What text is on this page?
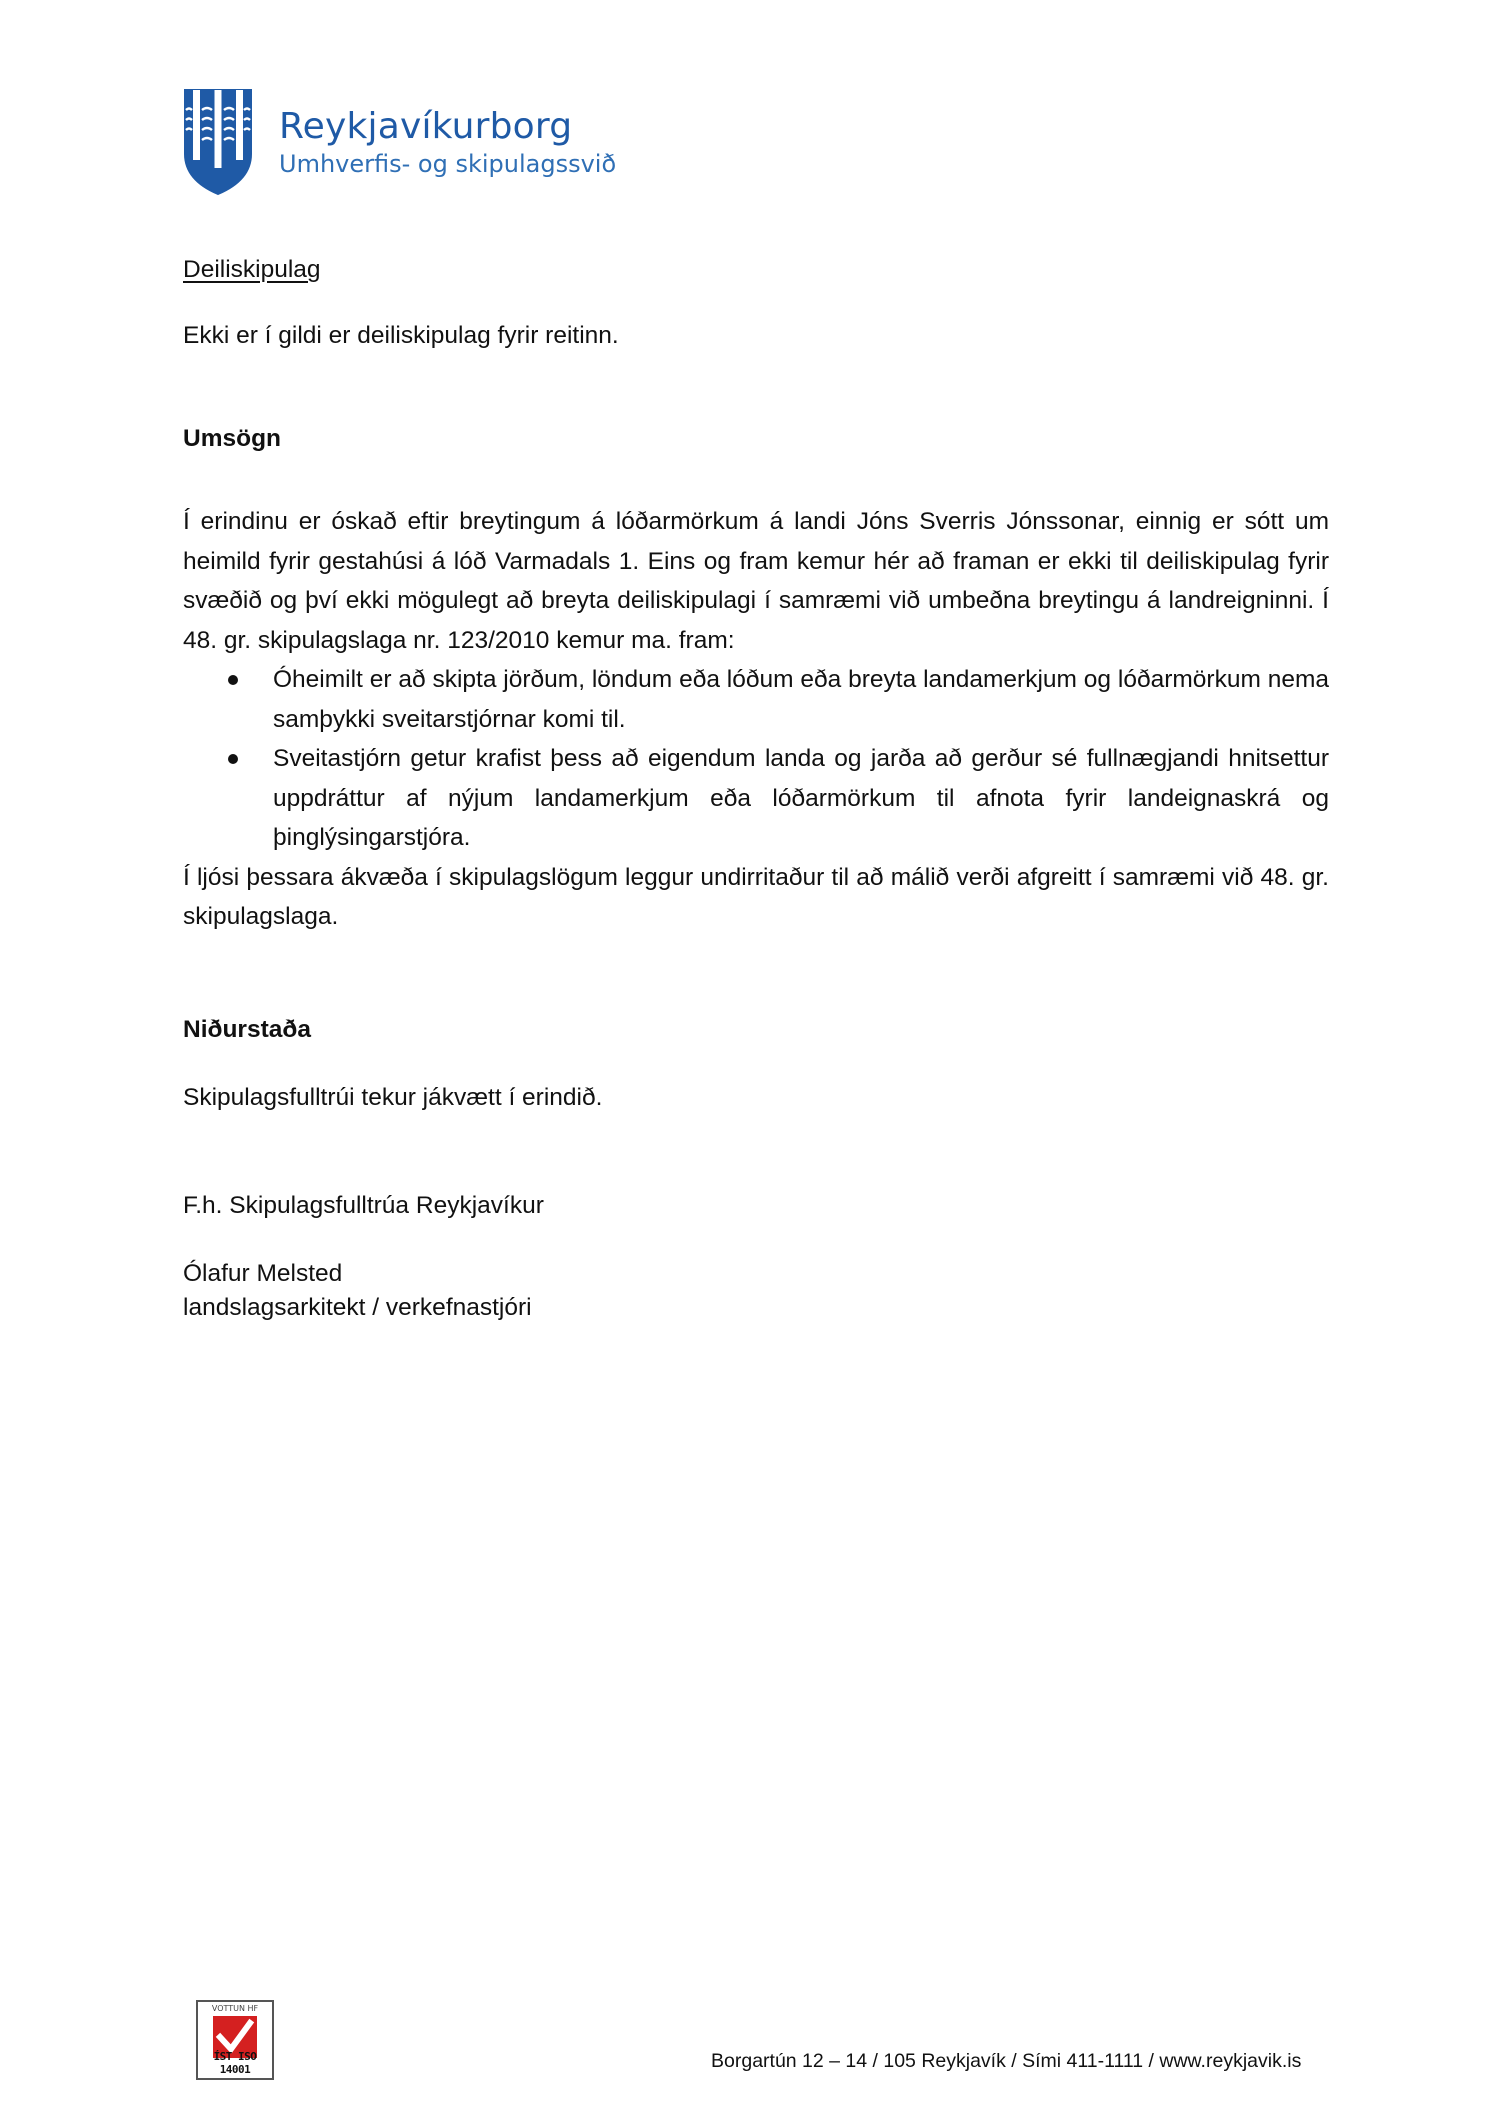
Reykjavíkurborg
Umhverfis- og skipulagssvið
Deiliskipulag
Ekki er í gildi er deiliskipulag fyrir reitinn.
Umsögn

Í erindinu er óskað eftir breytingum á lóðarmörkum á landi Jóns Sverris Jónssonar, einnig er sótt um heimild fyrir gestahúsi á lóð Varmadals 1. Eins og fram kemur hér að framan er ekki til deiliskipulag fyrir svæðið og því ekki mögulegt að breyta deiliskipulagi í samræmi við umbeðna breytingu á landreigninni. Í 48. gr. skipulagslaga nr. 123/2010 kemur ma. fram:

Óheimilt er að skipta jörðum, löndum eða lóðum eða breyta landamerkjum og lóðarmörkum nema samþykki sveitarstjórnar komi til.
Sveitastjórn getur krafist þess að eigendum landa og jarða að gerður sé fullnægjandi hnitsettur uppdráttur af nýjum landamerkjum eða lóðarmörkum til afnota fyrir landeignaskrá og þinglýsingarstjóra.

Í ljósi þessara ákvæða í skipulagslögum leggur undirritaður til að málið verði afgreitt í samræmi við 48. gr. skipulagslaga.

Niðurstaða
Skipulagsfulltrúi tekur jákvætt í erindið.
F.h. Skipulagsfulltrúa Reykjavíkur
Ólafur Melsted
landslagsarkitekt / verkefnastjóri
VOTTUN HF
ÍST ISO 14001	Borgartún 12 – 14 / 105 Reykjavík / Sími 411-1111 / www.reykjavik.is
